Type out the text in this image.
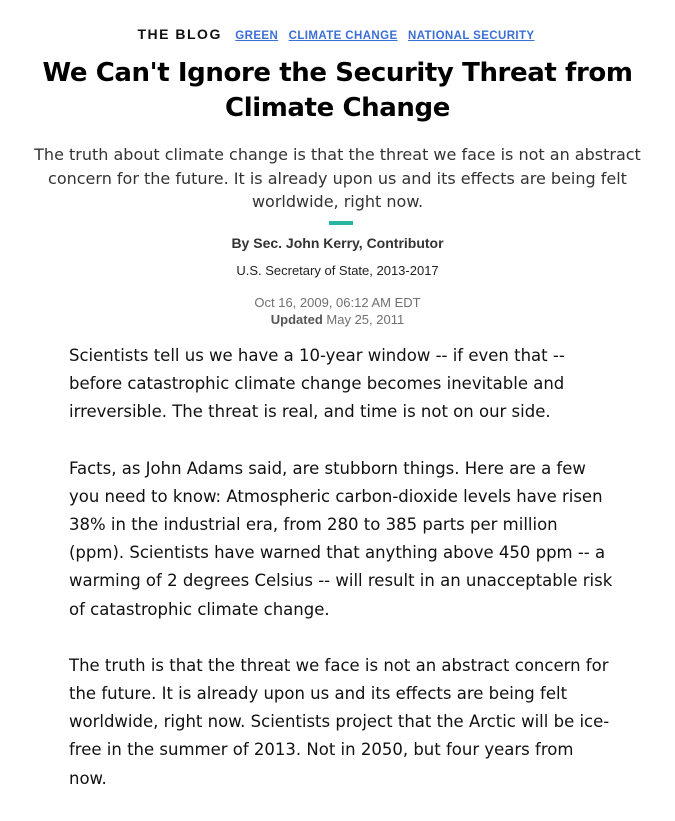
THE BLOG GREEN CLIMATE CHANGE NATIONAL SECURITY
We Can't Ignore the Security Threat from Climate Change

The truth about climate change is that the threat we face is not an abstract concern for the future. It is already upon us and its effects are being felt worldwide, right now.

By Sec. John Kerry, Contributor
U.S. Secretary of State, 2013-2017
Oct 16, 2009, 06:12 AM EDT
Updated May 25, 2011

Scientists tell us we have a 10-year window -- if even that -- before catastrophic climate change becomes inevitable and irreversible. The threat is real, and time is not on our side.

Facts, as John Adams said, are stubborn things. Here are a few you need to know: Atmospheric carbon-dioxide levels have risen 38% in the industrial era, from 280 to 385 parts per million (ppm). Scientists have warned that anything above 450 ppm -- a warming of 2 degrees Celsius -- will result in an unacceptable risk of catastrophic climate change.

The truth is that the threat we face is not an abstract concern for the future. It is already upon us and its effects are being felt worldwide, right now. Scientists project that the Arctic will be ice-free in the summer of 2013. Not in 2050, but four years from now.
